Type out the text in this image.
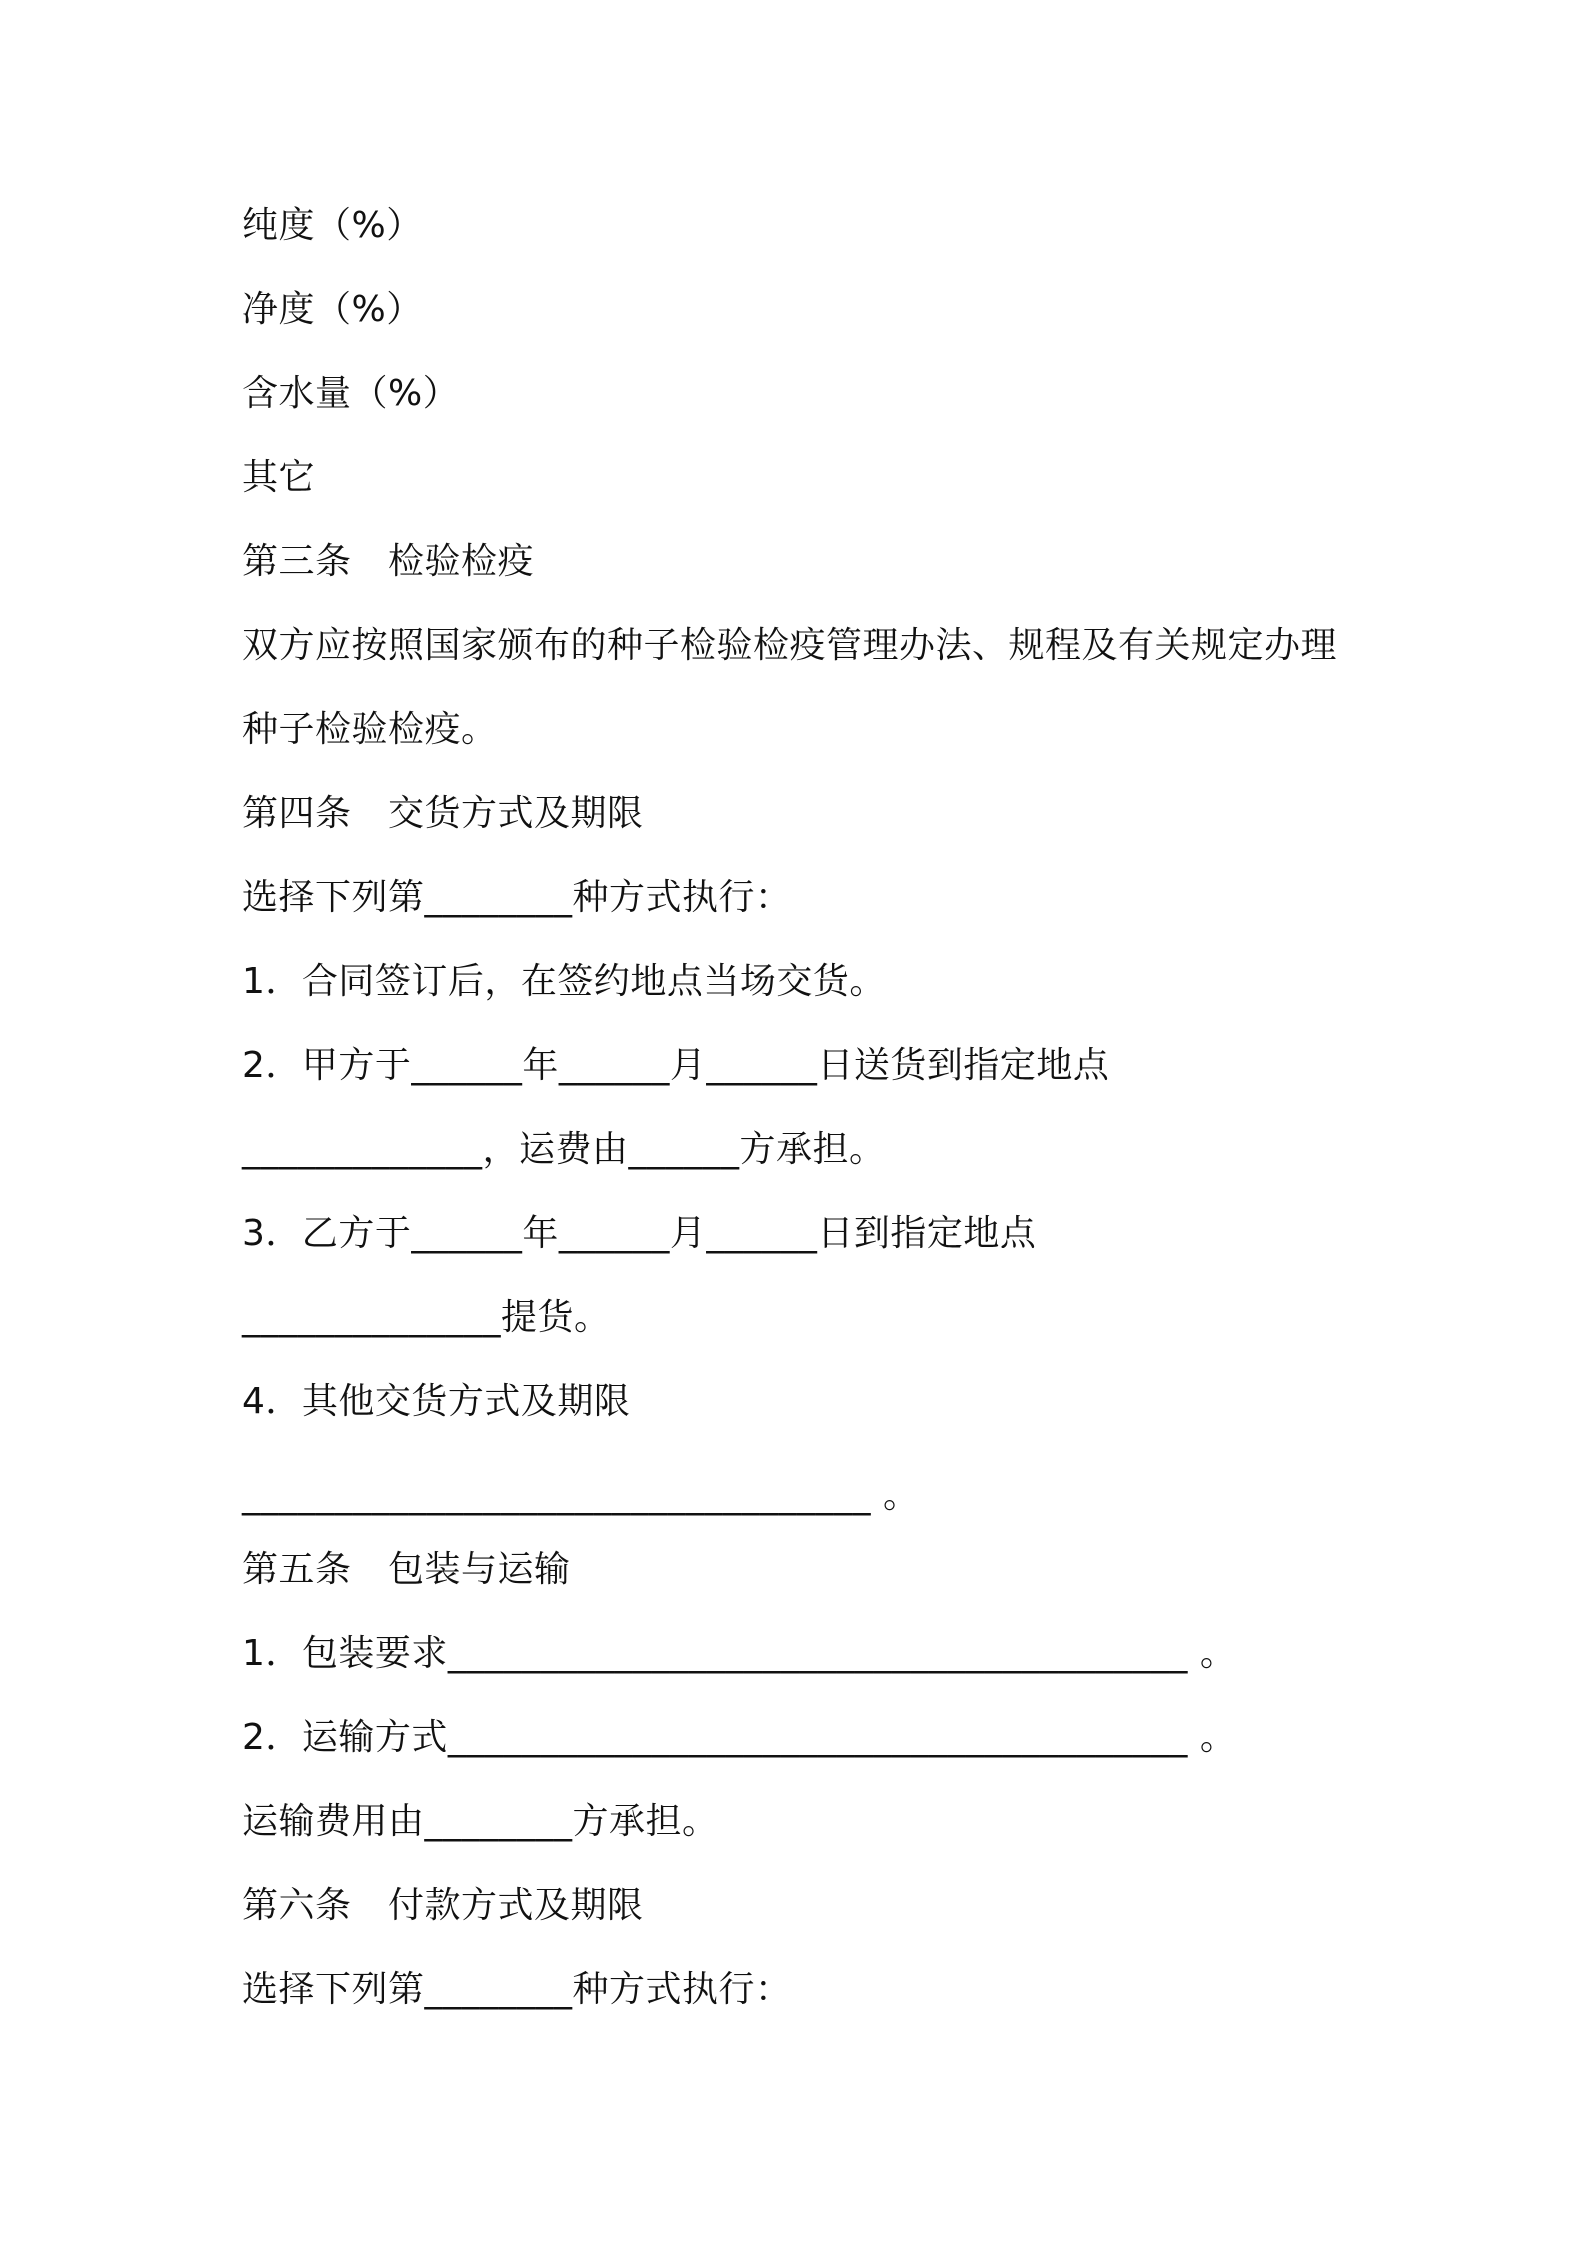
纯度（%）
净度（%）
含水量（%）
其它
第三条　检验检疫
双方应按照国家颁布的种子检验检疫管理办法、规程及有关规定办理
种子检验检疫。
第四条　交货方式及期限
选择下列第________种方式执行：
1．合同签订后，在签约地点当场交货。
2．甲方于______年______月______日送货到指定地点
_____________，运费由______方承担。
3．乙方于______年______月______日到指定地点
______________提货。
4．其他交货方式及期限
__________________________________ 。
第五条　包装与运输
1．包装要求________________________________________ 。
2．运输方式________________________________________ 。
运输费用由________方承担。
第六条　付款方式及期限
选择下列第________种方式执行：
